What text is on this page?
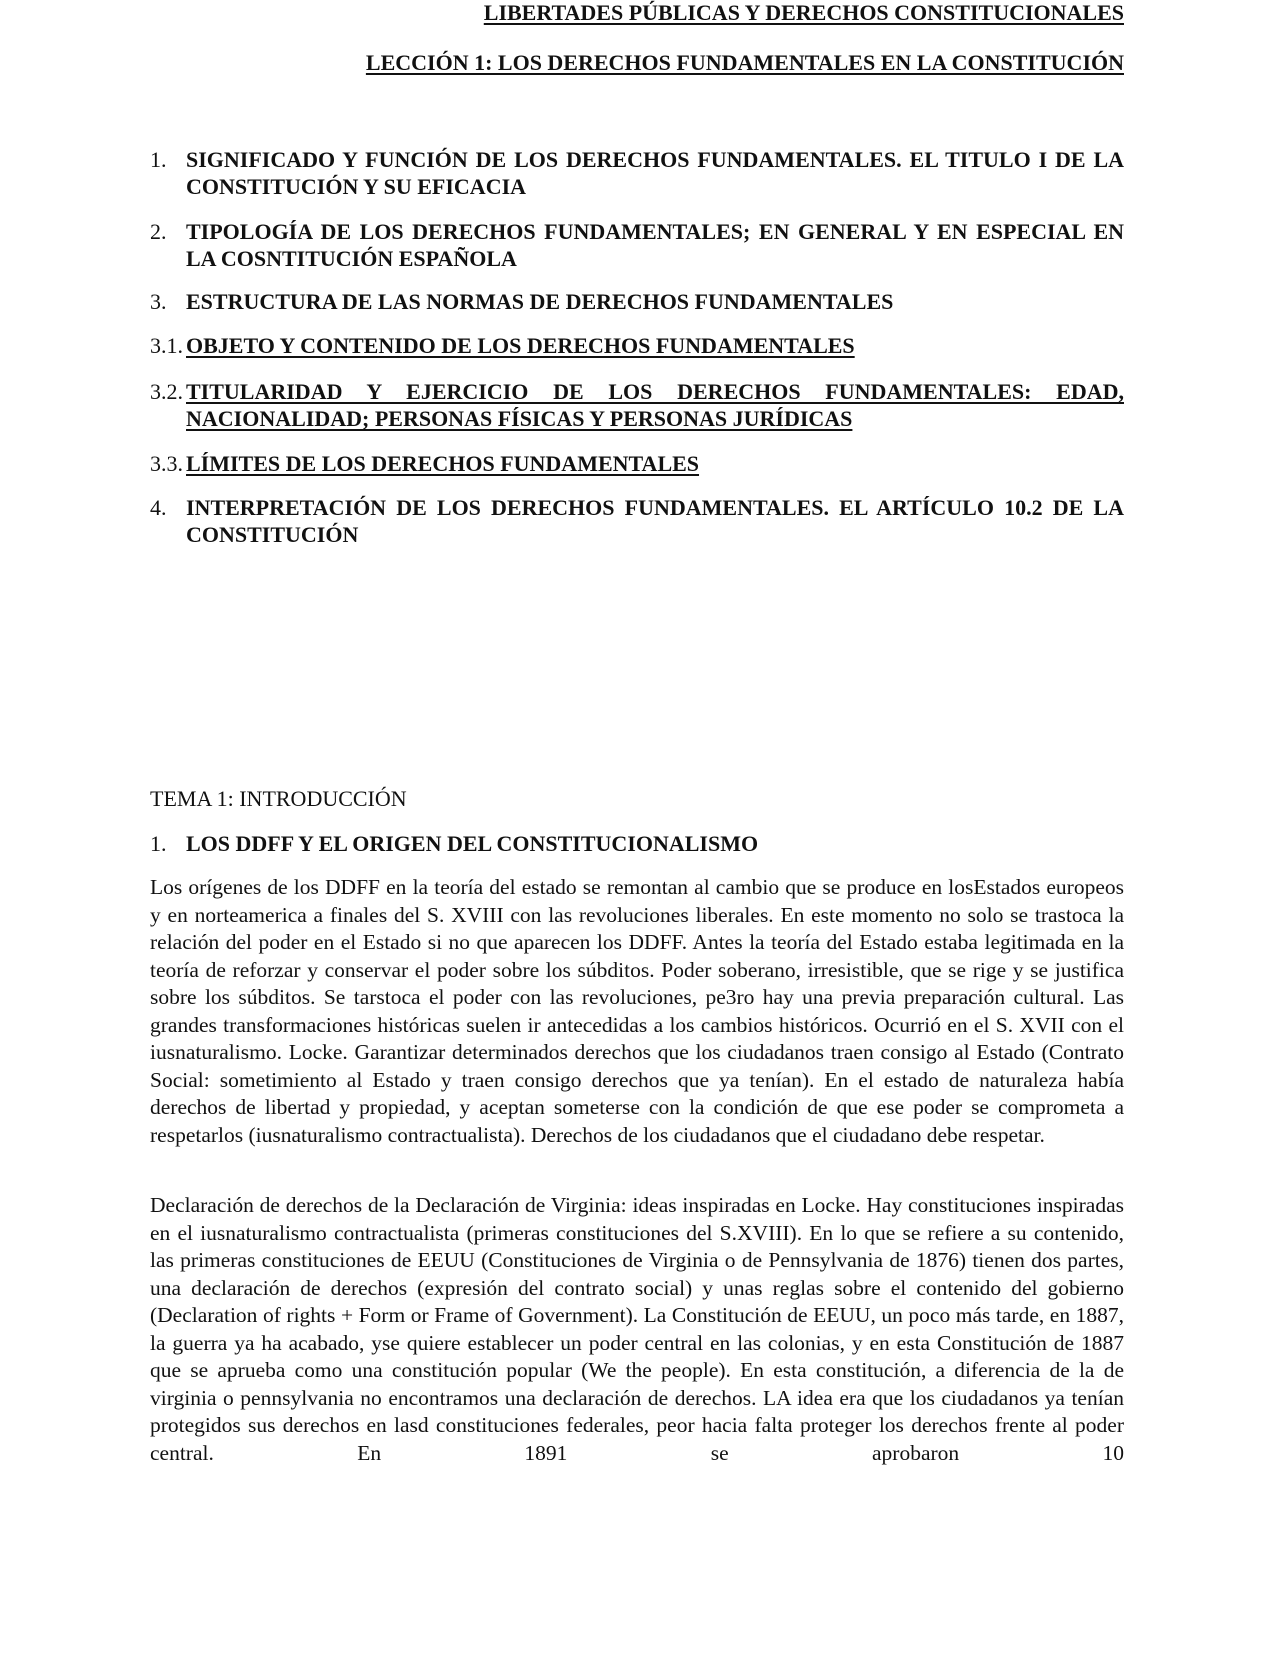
LIBERTADES PÚBLICAS Y DERECHOS CONSTITUCIONALES
LECCIÓN 1: LOS DERECHOS FUNDAMENTALES EN LA CONSTITUCIÓN
1. SIGNIFICADO Y FUNCIÓN DE LOS DERECHOS FUNDAMENTALES. EL TITULO I DE LA CONSTITUCIÓN Y SU EFICACIA
2. TIPOLOGÍA DE LOS DERECHOS FUNDAMENTALES; EN GENERAL Y EN ESPECIAL EN LA COSNTITUCIÓN ESPAÑOLA
3. ESTRUCTURA DE LAS NORMAS DE DERECHOS FUNDAMENTALES
3.1. OBJETO Y CONTENIDO DE LOS DERECHOS FUNDAMENTALES
3.2. TITULARIDAD Y EJERCICIO DE LOS DERECHOS FUNDAMENTALES: EDAD, NACIONALIDAD; PERSONAS FÍSICAS Y PERSONAS JURÍDICAS
3.3. LÍMITES DE LOS DERECHOS FUNDAMENTALES
4. INTERPRETACIÓN DE LOS DERECHOS FUNDAMENTALES. EL ARTÍCULO 10.2 DE LA CONSTITUCIÓN
TEMA 1: INTRODUCCIÓN
1. LOS DDFF Y EL ORIGEN DEL CONSTITUCIONALISMO

Los orígenes de los DDFF en la teoría del estado se remontan al cambio que se produce en losEstados europeos y en norteamerica a finales del S. XVIII con las revoluciones liberales. En este momento no solo se trastoca la relación del poder en el Estado si no que aparecen los DDFF. Antes la teoría del Estado estaba legitimada en la teoría de reforzar y conservar el poder sobre los súbditos. Poder soberano, irresistible, que se rige y se justifica sobre los súbditos. Se tarstoca el poder con las revoluciones, pe3ro hay una previa preparación cultural. Las grandes transformaciones históricas suelen ir antecedidas a los cambios históricos. Ocurrió en el S. XVII con el iusnaturalismo. Locke. Garantizar determinados derechos que los ciudadanos traen consigo al Estado (Contrato Social: sometimiento al Estado y traen consigo derechos que ya tenían). En el estado de naturaleza había derechos de libertad y propiedad, y aceptan someterse con la condición de que ese poder se comprometa a respetarlos (iusnaturalismo contractualista). Derechos de los ciudadanos que el ciudadano debe respetar.

Declaración de derechos de la Declaración de Virginia: ideas inspiradas en Locke. Hay constituciones inspiradas en el iusnaturalismo contractualista (primeras constituciones del S.XVIII). En lo que se refiere a su contenido, las primeras constituciones de EEUU (Constituciones de Virginia o de Pennsylvania de 1876) tienen dos partes, una declaración de derechos (expresión del contrato social) y unas reglas sobre el contenido del gobierno (Declaration of rights + Form or Frame of Government). La Constitución de EEUU, un poco más tarde, en 1887, la guerra ya ha acabado, yse quiere establecer un poder central en las colonias, y en esta Constitución de 1887 que se aprueba como una constitución popular (We the people). En esta constitución, a diferencia de la de virginia o pennsylvania no encontramos una declaración de derechos. LA idea era que los ciudadanos ya tenían protegidos sus derechos en lasd constituciones federales, peor hacia falta proteger los derechos frente al poder central. En 1891 se aprobaron 10
